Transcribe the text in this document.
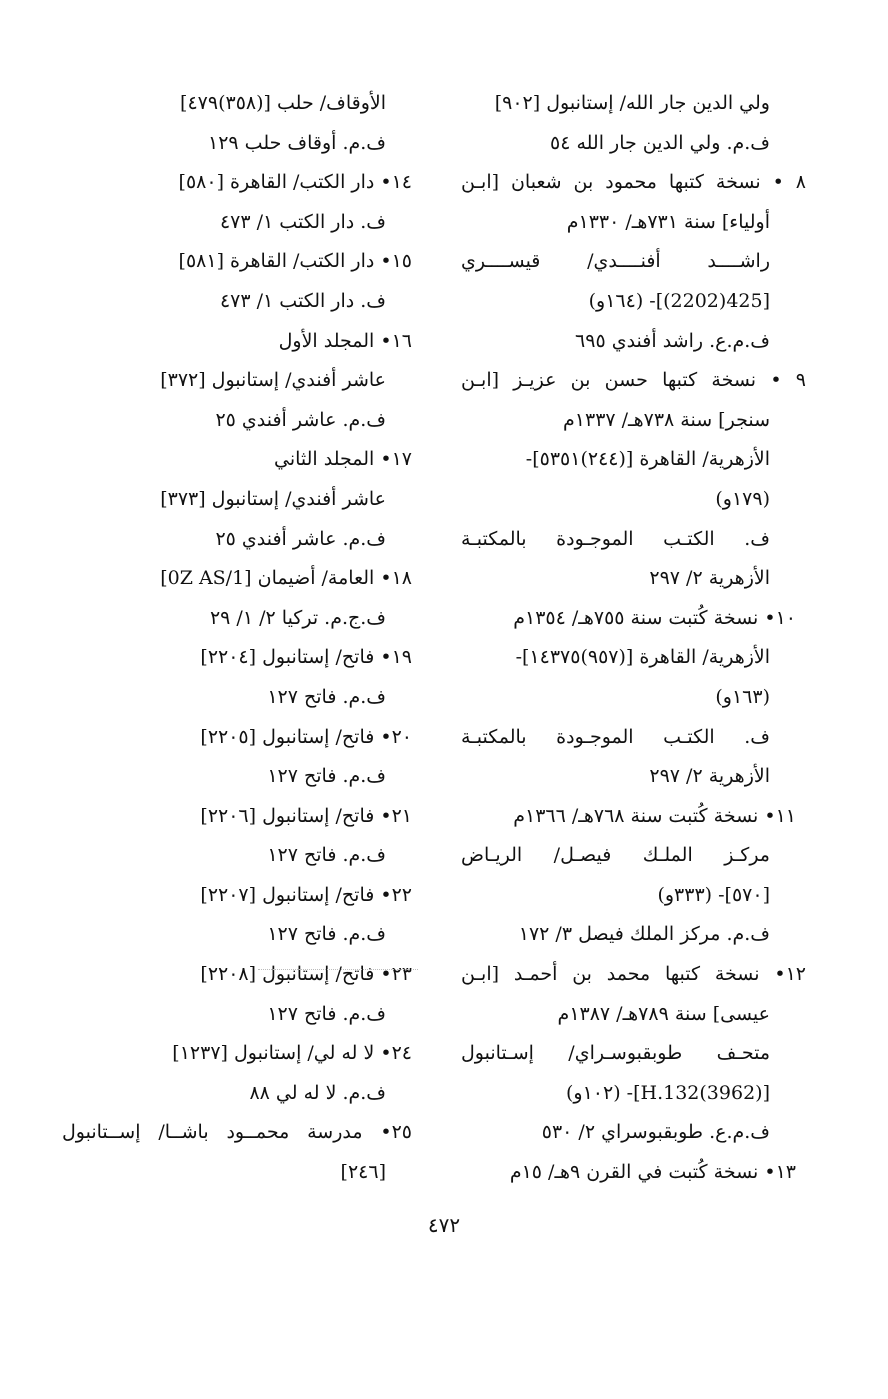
ولي الدين جار الله/ إستانبول [٩٠٢]
ف.م. ولي الدين جار الله ٥٤
٨ • نسخة كتبها محمود بن شعبان [ابـن
أولياء] سنة ٧٣١هـ/ ١٣٣٠م
راشــــد أفنــــدي/ قيســــري
[425(2202)]- (١٦٤و)
ف.م.ع. راشد أفندي ٦٩٥
٩ • نسخة كتبها حسن بن عزيـز [ابـن
سنجر] سنة ٧٣٨هـ/ ١٣٣٧م
الأزهرية/ القاهرة [(٢٤٤)٥٣٥١]-
(١٧٩و)
ف. الكتـب الموجـودة بالمكتبـة
الأزهرية ٢/ ٢٩٧
١٠• نسخة كُتبت سنة ٧٥٥هـ/ ١٣٥٤م
الأزهرية/ القاهرة [(٩٥٧)١٤٣٧٥]-
(١٦٣و)
ف. الكتـب الموجـودة بالمكتبـة
الأزهرية ٢/ ٢٩٧
١١• نسخة كُتبت سنة ٧٦٨هـ/ ١٣٦٦م
مركـز الملـك فيصـل/ الريـاض
[٥٧٠]- (٣٣٣و)
ف.م. مركز الملك فيصل ٣/ ١٧٢
١٢• نسخة كتبها محمد بن أحمـد [ابـن
عيسى] سنة ٧٨٩هـ/ ١٣٨٧م
متحـف طوبقبوسـراي/ إسـتانبول
[H.132(3962)]- (١٠٢و)
ف.م.ع. طوبقبوسراي ٢/ ٥٣٠
١٣• نسخة كُتبت في القرن ٩هـ/ ١٥م
الأوقاف/ حلب [(٣٥٨)٤٧٩]
ف.م. أوقاف حلب ١٢٩
١٤• دار الكتب/ القاهرة [٥٨٠]
ف. دار الكتب ١/ ٤٧٣
١٥• دار الكتب/ القاهرة [٥٨١]
ف. دار الكتب ١/ ٤٧٣
١٦• المجلد الأول
عاشر أفندي/ إستانبول [٣٧٢]
ف.م. عاشر أفندي ٢٥
١٧• المجلد الثاني
عاشر أفندي/ إستانبول [٣٧٣]
ف.م. عاشر أفندي ٢٥
١٨• العامة/ أضيمان [0Z AS/1]
ف.ج.م. تركيا ٢/ ١/ ٢٩
١٩• فاتح/ إستانبول [٢٢٠٤]
ف.م. فاتح ١٢٧
٢٠• فاتح/ إستانبول [٢٢٠٥]
ف.م. فاتح ١٢٧
٢١• فاتح/ إستانبول [٢٢٠٦]
ف.م. فاتح ١٢٧
٢٢• فاتح/ إستانبول [٢٢٠٧]
ف.م. فاتح ١٢٧
٢٣• فاتح/ إستانبول [٢٢٠٨]
ف.م. فاتح ١٢٧
٢٤• لا له لي/ إستانبول [١٢٣٧]
ف.م. لا له لي ٨٨
٢٥• مدرسة محمــود باشــا/ إســتانبول
[٢٤٦]
٤٧٢
